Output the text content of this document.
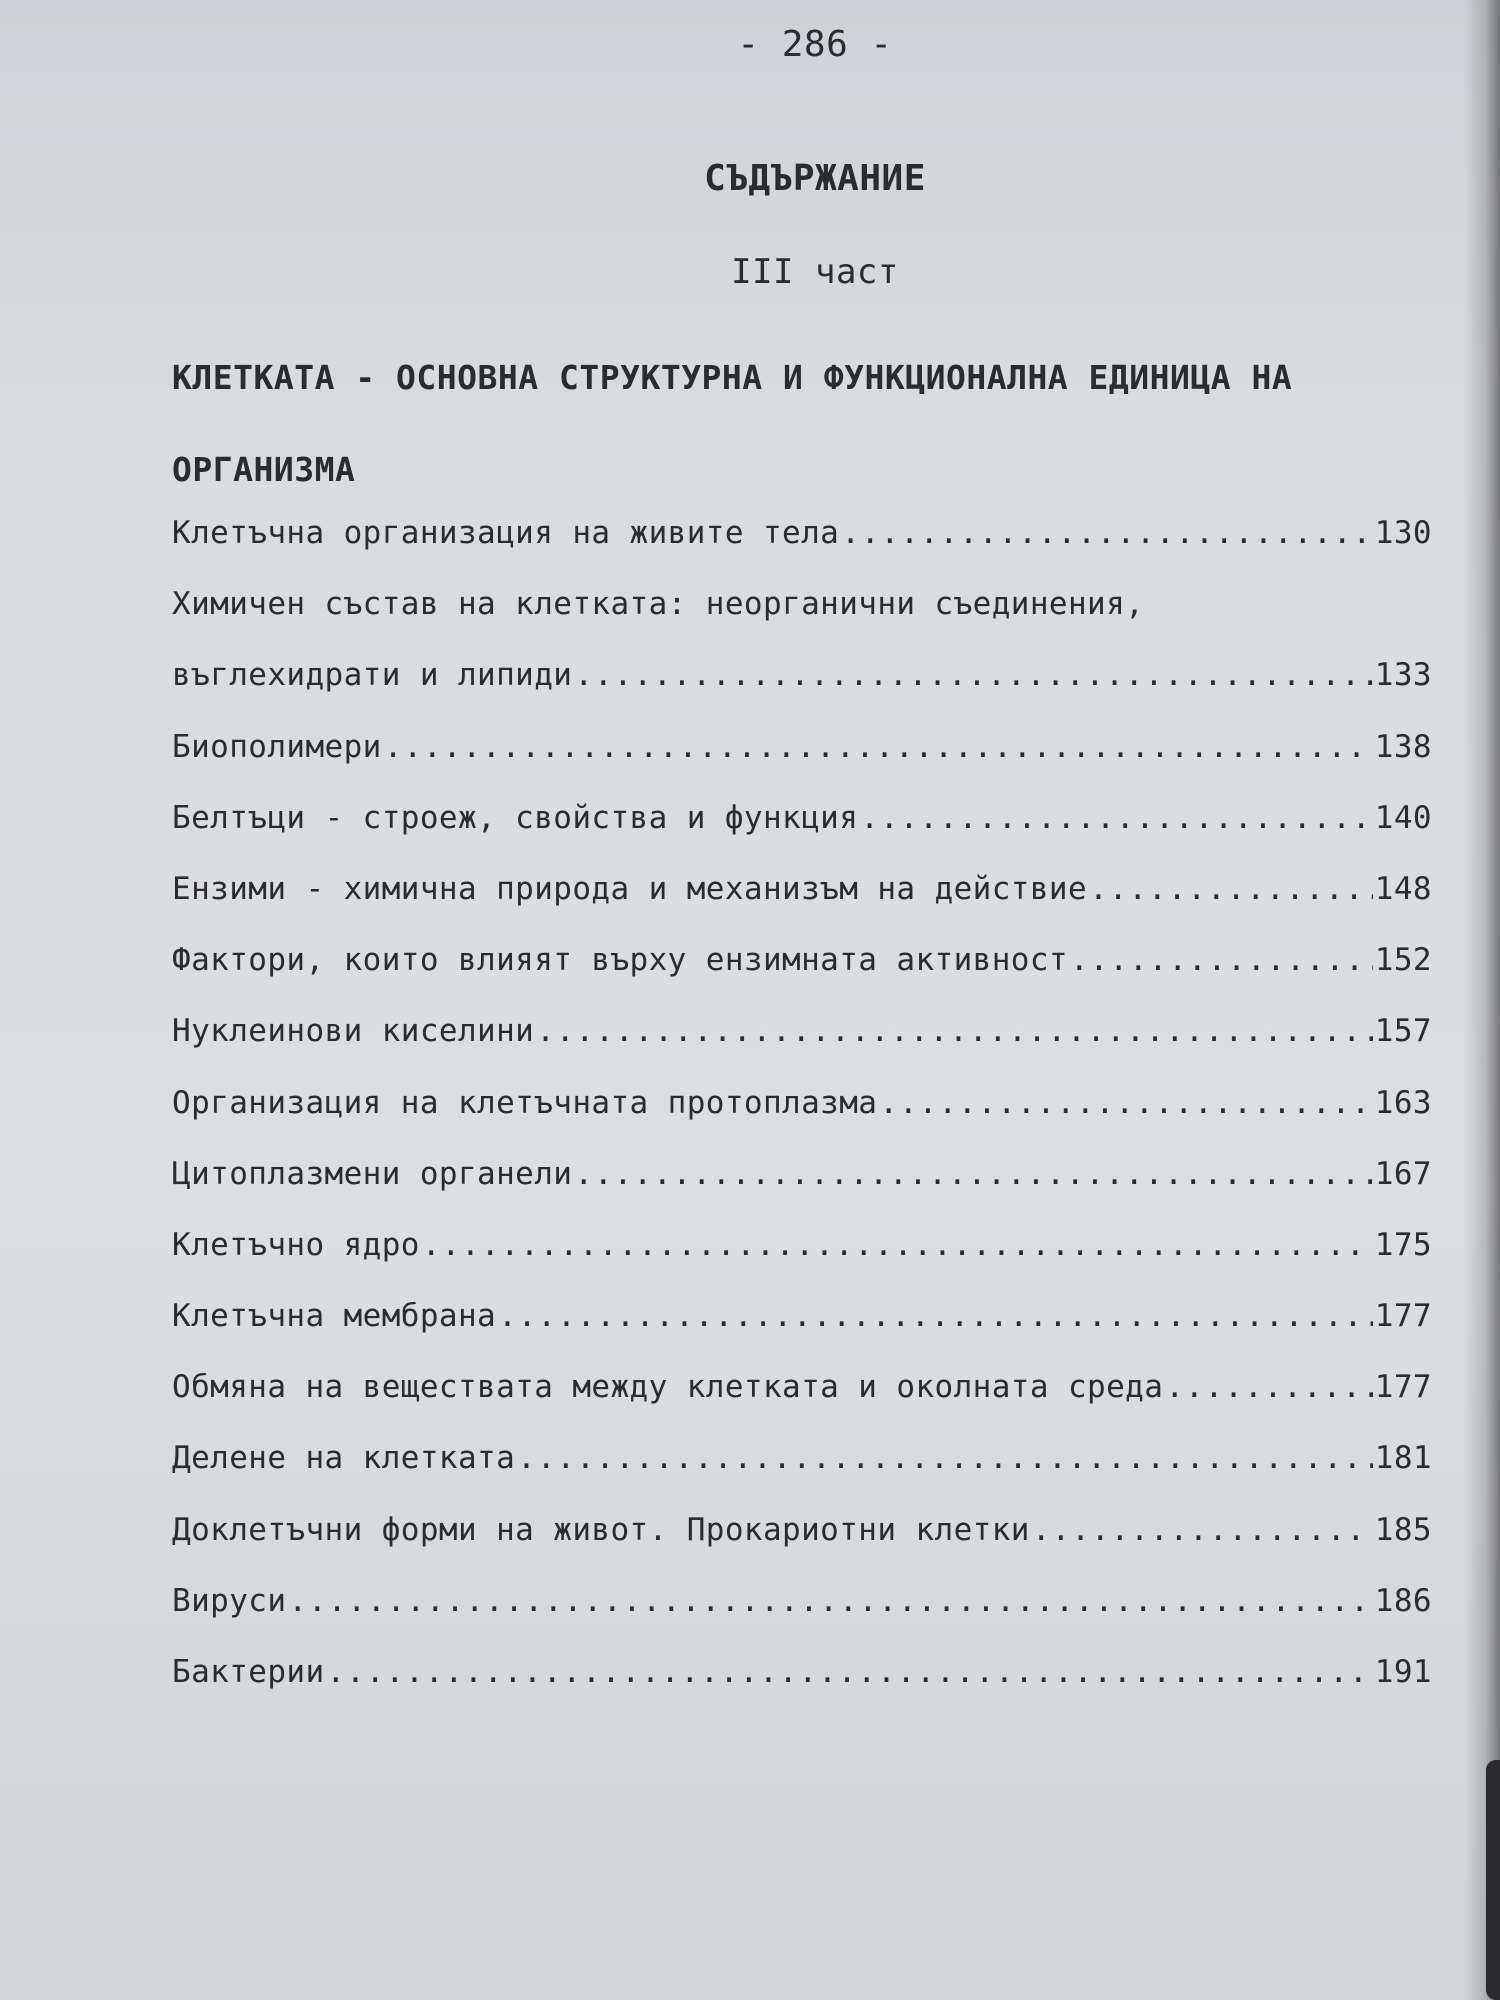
- 286 -
СЪДЪРЖАНИЕ
III част
КЛЕТКАТА - ОСНОВНА СТРУКТУРНА И ФУНКЦИОНАЛНА ЕДИНИЦА НА
ОРГАНИЗМА
Клетъчна организация на живите тела .....	130
Химичен състав на клетката: неорганични съединения,
въглехидрати и липиди .....	133
Биополимери .....	138
Белтъци - строеж, свойства и функция .....	140
Ензими - химична природа и механизъм на действие .....	148
Фактори, които влияят върху ензимната активност .....	152
Нуклеинови киселини .....	157
Организация на клетъчната протоплазма .....	163
Цитоплазмени органели .....	167
Клетъчно ядро .....	175
Клетъчна мембрана .....	177
Обмяна на веществата между клетката и околната среда .....	177
Делене на клетката .....	181
Доклетъчни форми на живот. Прокариотни клетки .....	185
Вируси .....	186
Бактерии .....	191
